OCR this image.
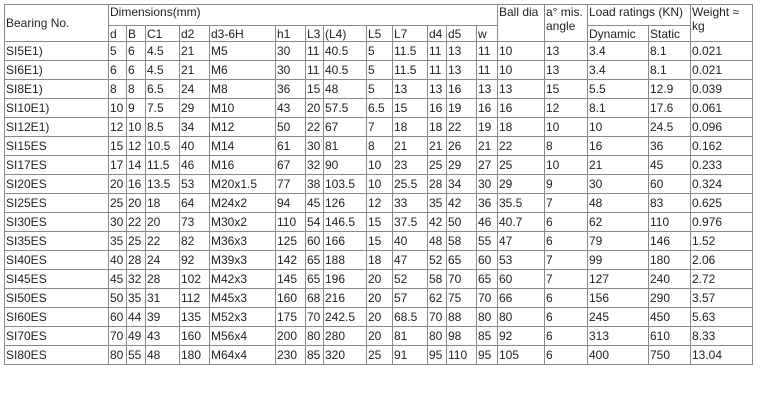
Bearing No.	Dimensions(mm)													Ball dia	a° mis. angle	Load ratings (KN)		Weight ≈ kg
	d	B	C1	d2	d3-6H	h1	L3	(L4)	L5	L7	d4	d5	w			Dynamic	Static	
SI5E1)	5	6	4.5	21	M5	30	11	40.5	5	11.5	11	13	11	10	13	3.4	8.1	0.021
SI6E1)	6	6	4.5	21	M6	30	11	40.5	5	11.5	11	13	11	10	13	3.4	8.1	0.021
SI8E1)	8	8	6.5	24	M8	36	15	48	5	13	13	16	13	13	15	5.5	12.9	0.039
SI10E1)	10	9	7.5	29	M10	43	20	57.5	6.5	15	16	19	16	16	12	8.1	17.6	0.061
SI12E1)	12	10	8.5	34	M12	50	22	67	7	18	18	22	19	18	10	10	24.5	0.096
SI15ES	15	12	10.5	40	M14	61	30	81	8	21	21	26	21	22	8	16	36	0.162
SI17ES	17	14	11.5	46	M16	67	32	90	10	23	25	29	27	25	10	21	45	0.233
SI20ES	20	16	13.5	53	M20x1.5	77	38	103.5	10	25.5	28	34	30	29	9	30	60	0.324
SI25ES	25	20	18	64	M24x2	94	45	126	12	33	35	42	36	35.5	7	48	83	0.625
SI30ES	30	22	20	73	M30x2	110	54	146.5	15	37.5	42	50	46	40.7	6	62	110	0.976
SI35ES	35	25	22	82	M36x3	125	60	166	15	40	48	58	55	47	6	79	146	1.52
SI40ES	40	28	24	92	M39x3	142	65	188	18	47	52	65	60	53	7	99	180	2.06
SI45ES	45	32	28	102	M42x3	145	65	196	20	52	58	70	65	60	7	127	240	2.72
SI50ES	50	35	31	112	M45x3	160	68	216	20	57	62	75	70	66	6	156	290	3.57
SI60ES	60	44	39	135	M52x3	175	70	242.5	20	68.5	70	88	80	80	6	245	450	5.63
SI70ES	70	49	43	160	M56x4	200	80	280	20	81	80	98	85	92	6	313	610	8.33
SI80ES	80	55	48	180	M64x4	230	85	320	25	91	95	110	95	105	6	400	750	13.04
